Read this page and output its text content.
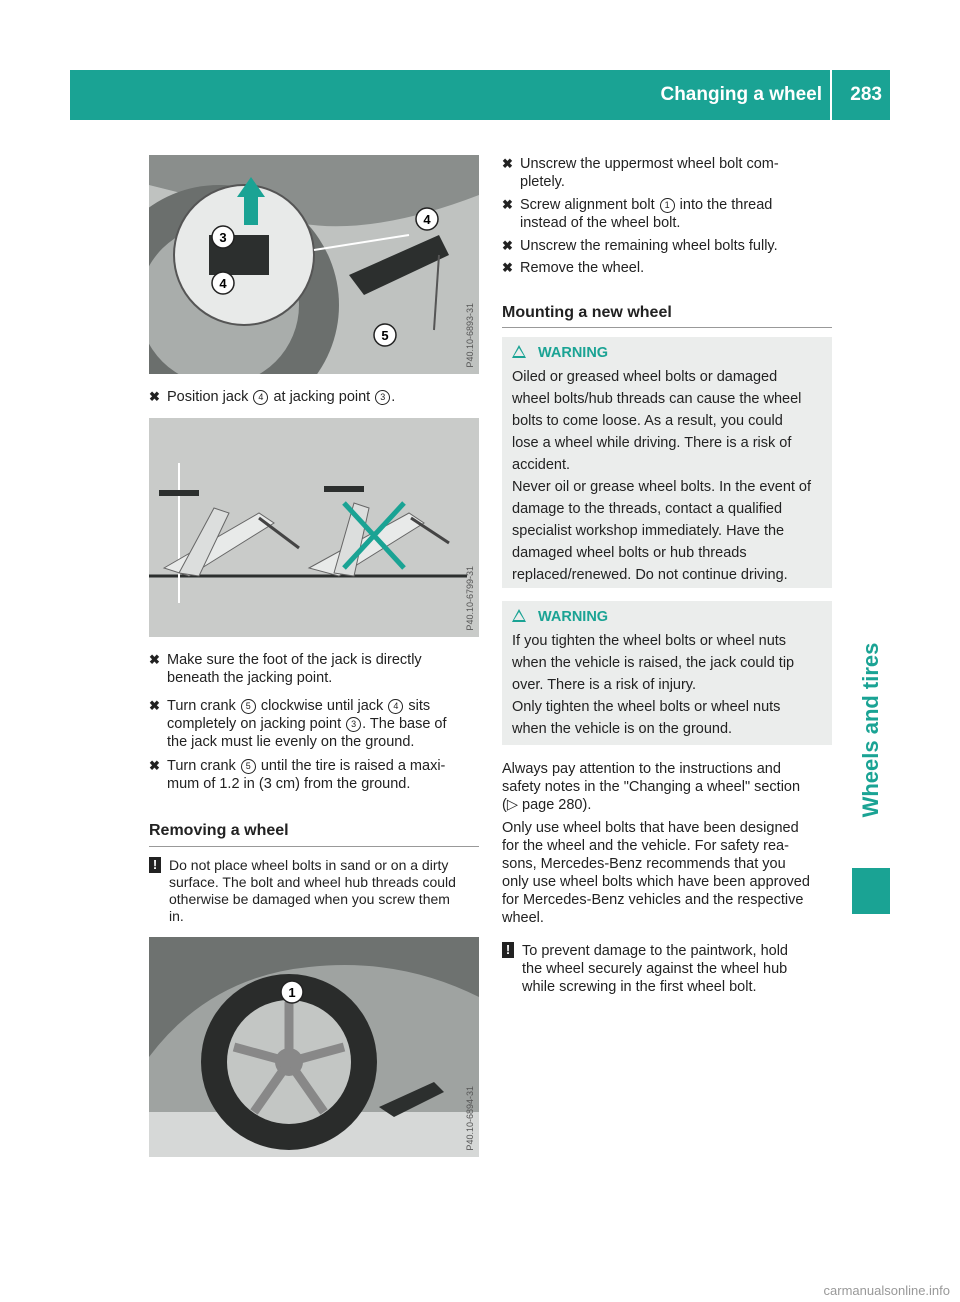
Changing a wheel 283
Wheels and tires
3
4
4
5	P40.10-6893-31
✖ Position jack 4 at jacking point 3 .
P40.10-6799-31
✖ Make sure the foot of the jack is directly
beneath the jacking point.
✖ Turn crank 5 clockwise until jack 4 sits
completely on jacking point 3 . The base of
the jack must lie evenly on the ground.
✖ Turn crank 5 until the tire is raised a maxi-
mum of 1.2 in (3 cm) from the ground.
Removing a wheel
! Do not place wheel bolts in sand or on a dirty
surface. The bolt and wheel hub threads could
otherwise be damaged when you screw them
in.
1
P40.10-6894-31
✖ Unscrew the uppermost wheel bolt com-
pletely.
✖ Screw alignment bolt 1 into the thread
instead of the wheel bolt.
✖ Unscrew the remaining wheel bolts fully.
✖ Remove the wheel.
Mounting a new wheel
WARNING
Oiled or greased wheel bolts or damaged
wheel bolts/hub threads can cause the wheel
bolts to come loose. As a result, you could
lose a wheel while driving. There is a risk of
accident.
Never oil or grease wheel bolts. In the event of
damage to the threads, contact a qualified
specialist workshop immediately. Have the
damaged wheel bolts or hub threads
replaced/renewed. Do not continue driving.
WARNING
If you tighten the wheel bolts or wheel nuts
when the vehicle is raised, the jack could tip
over. There is a risk of injury.
Only tighten the wheel bolts or wheel nuts
when the vehicle is on the ground.
Always pay attention to the instructions and
safety notes in the "Changing a wheel" section
(▷ page 280).
Only use wheel bolts that have been designed
for the wheel and the vehicle. For safety rea-
sons, Mercedes-Benz recommends that you
only use wheel bolts which have been approved
for Mercedes-Benz vehicles and the respective
wheel.
! To prevent damage to the paintwork, hold
the wheel securely against the wheel hub
while screwing in the first wheel bolt.
carmanualsonline.info
